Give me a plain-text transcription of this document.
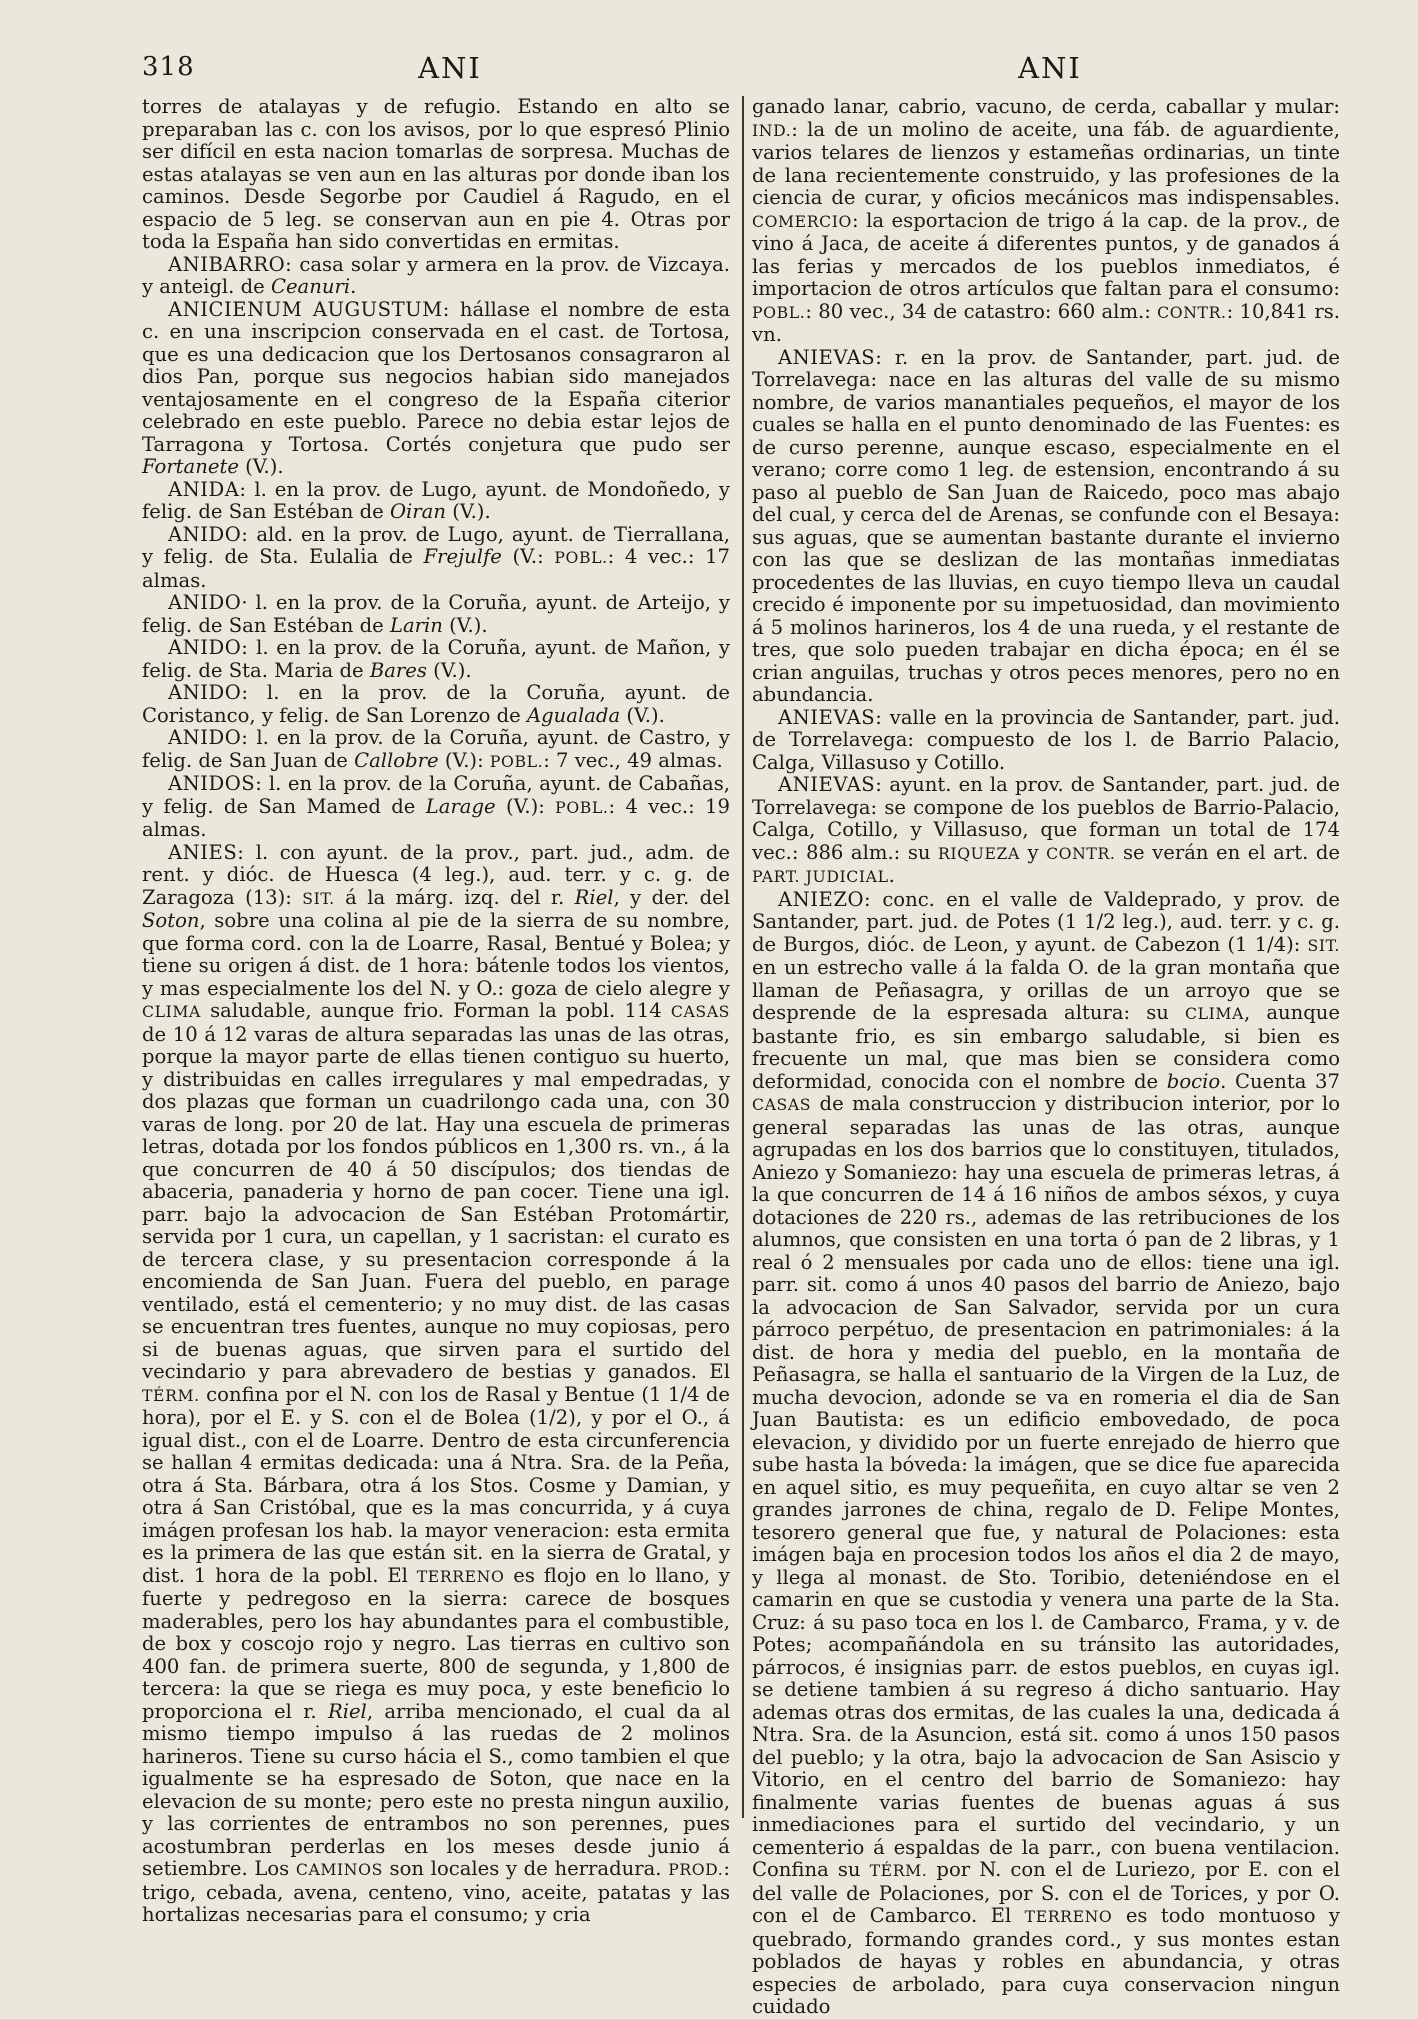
318	ANI	ANI

torres de atalayas y de refugio. Estando en alto se preparaban las c. con los avisos, por lo que espresó Plinio ser difícil en esta nacion tomarlas de sorpresa. Muchas de estas atalayas se ven aun en las alturas por donde iban los caminos. Desde Segorbe por Caudiel á Ragudo, en el espacio de 5 leg. se conservan aun en pie 4. Otras por toda la España han sido convertidas en ermitas.

ANIBARRO: casa solar y armera en la prov. de Vizcaya. y anteigl. de Ceanuri.

ANICIENUM AUGUSTUM: hállase el nombre de esta c. en una inscripcion conservada en el cast. de Tortosa, que es una dedicacion que los Dertosanos consagraron al dios Pan, porque sus negocios habian sido manejados ventajosamente en el congreso de la España citerior celebrado en este pueblo. Parece no debia estar lejos de Tarragona y Tortosa. Cortés conjetura que pudo ser Fortanete (V.).

ANIDA: l. en la prov. de Lugo, ayunt. de Mondoñedo, y felig. de San Estéban de Oiran (V.).

ANIDO: ald. en la prov. de Lugo, ayunt. de Tierrallana, y felig. de Sta. Eulalia de Frejulfe (V.: POBL.: 4 vec.: 17 almas.

ANIDO· l. en la prov. de la Coruña, ayunt. de Arteijo, y felig. de San Estéban de Larin (V.).

ANIDO: l. en la prov. de la Coruña, ayunt. de Mañon, y felig. de Sta. Maria de Bares (V.).

ANIDO: l. en la prov. de la Coruña, ayunt. de Coristanco, y felig. de San Lorenzo de Agualada (V.).

ANIDO: l. en la prov. de la Coruña, ayunt. de Castro, y felig. de San Juan de Callobre (V.): POBL.: 7 vec., 49 almas.

ANIDOS: l. en la prov. de la Coruña, ayunt. de Cabañas, y felig. de San Mamed de Larage (V.): POBL.: 4 vec.: 19 almas.

ANIES: l. con ayunt. de la prov., part. jud., adm. de rent. y dióc. de Huesca (4 leg.), aud. terr. y c. g. de Zaragoza (13): SIT. á la márg. izq. del r. Riel, y der. del Soton, sobre una colina al pie de la sierra de su nombre, que forma cord. con la de Loarre, Rasal, Bentué y Bolea; y tiene su origen á dist. de 1 hora: bátenle todos los vientos, y mas especialmente los del N. y O.: goza de cielo alegre y CLIMA saludable, aunque frio. Forman la pobl. 114 CASAS de 10 á 12 varas de altura separadas las unas de las otras, porque la mayor parte de ellas tienen contiguo su huerto, y distribuidas en calles irregulares y mal empedradas, y dos plazas que forman un cuadrilongo cada una, con 30 varas de long. por 20 de lat. Hay una escuela de primeras letras, dotada por los fondos públicos en 1,300 rs. vn., á la que concurren de 40 á 50 discípulos; dos tiendas de abaceria, panaderia y horno de pan cocer. Tiene una igl. parr. bajo la advocacion de San Estéban Protomártir, servida por 1 cura, un capellan, y 1 sacristan: el curato es de tercera clase, y su presentacion corresponde á la encomienda de San Juan. Fuera del pueblo, en parage ventilado, está el cementerio; y no muy dist. de las casas se encuentran tres fuentes, aunque no muy copiosas, pero si de buenas aguas, que sirven para el surtido del vecindario y para abrevadero de bestias y ganados. El TÉRM. confina por el N. con los de Rasal y Bentue (1 1/4 de hora), por el E. y S. con el de Bolea (1/2), y por el O., á igual dist., con el de Loarre. Dentro de esta circunferencia se hallan 4 ermitas dedicada: una á Ntra. Sra. de la Peña, otra á Sta. Bárbara, otra á los Stos. Cosme y Damian, y otra á San Cristóbal, que es la mas concurrida, y á cuya imágen profesan los hab. la mayor veneracion: esta ermita es la primera de las que están sit. en la sierra de Gratal, y dist. 1 hora de la pobl. El TERRENO es flojo en lo llano, y fuerte y pedregoso en la sierra: carece de bosques maderables, pero los hay abundantes para el combustible, de box y coscojo rojo y negro. Las tierras en cultivo son 400 fan. de primera suerte, 800 de segunda, y 1,800 de tercera: la que se riega es muy poca, y este beneficio lo proporciona el r. Riel, arriba mencionado, el cual da al mismo tiempo impulso á las ruedas de 2 molinos harineros. Tiene su curso hácia el S., como tambien el que igualmente se ha espresado de Soton, que nace en la elevacion de su monte; pero este no presta ningun auxilio, y las corrientes de entrambos no son perennes, pues acostumbran perderlas en los meses desde junio á setiembre. Los CAMINOS son locales y de herradura. PROD.: trigo, cebada, avena, centeno, vino, aceite, patatas y las hortalizas necesarias para el consumo; y cria

ganado lanar, cabrio, vacuno, de cerda, caballar y mular: IND.: la de un molino de aceite, una fáb. de aguardiente, varios telares de lienzos y estameñas ordinarias, un tinte de lana recientemente construido, y las profesiones de la ciencia de curar, y oficios mecánicos mas indispensables. COMERCIO: la esportacion de trigo á la cap. de la prov., de vino á Jaca, de aceite á diferentes puntos, y de ganados á las ferias y mercados de los pueblos inmediatos, é importacion de otros artículos que faltan para el consumo: POBL.: 80 vec., 34 de catastro: 660 alm.: CONTR.: 10,841 rs. vn.

ANIEVAS: r. en la prov. de Santander, part. jud. de Torrelavega: nace en las alturas del valle de su mismo nombre, de varios manantiales pequeños, el mayor de los cuales se halla en el punto denominado de las Fuentes: es de curso perenne, aunque escaso, especialmente en el verano; corre como 1 leg. de estension, encontrando á su paso al pueblo de San Juan de Raicedo, poco mas abajo del cual, y cerca del de Arenas, se confunde con el Besaya: sus aguas, que se aumentan bastante durante el invierno con las que se deslizan de las montañas inmediatas procedentes de las lluvias, en cuyo tiempo lleva un caudal crecido é imponente por su impetuosidad, dan movimiento á 5 molinos harineros, los 4 de una rueda, y el restante de tres, que solo pueden trabajar en dicha época; en él se crian anguilas, truchas y otros peces menores, pero no en abundancia.

ANIEVAS: valle en la provincia de Santander, part. jud. de Torrelavega: compuesto de los l. de Barrio Palacio, Calga, Villasuso y Cotillo.

ANIEVAS: ayunt. en la prov. de Santander, part. jud. de Torrelavega: se compone de los pueblos de Barrio-Palacio, Calga, Cotillo, y Villasuso, que forman un total de 174 vec.: 886 alm.: su RIQUEZA y CONTR. se verán en el art. de PART. JUDICIAL.

ANIEZO: conc. en el valle de Valdeprado, y prov. de Santander, part. jud. de Potes (1 1/2 leg.), aud. terr. y c. g. de Burgos, dióc. de Leon, y ayunt. de Cabezon (1 1/4): SIT. en un estrecho valle á la falda O. de la gran montaña que llaman de Peñasagra, y orillas de un arroyo que se desprende de la espresada altura: su CLIMA, aunque bastante frio, es sin embargo saludable, si bien es frecuente un mal, que mas bien se considera como deformidad, conocida con el nombre de bocio. Cuenta 37 CASAS de mala construccion y distribucion interior, por lo general separadas las unas de las otras, aunque agrupadas en los dos barrios que lo constituyen, titulados, Aniezo y Somaniezo: hay una escuela de primeras letras, á la que concurren de 14 á 16 niños de ambos séxos, y cuya dotaciones de 220 rs., ademas de las retribuciones de los alumnos, que consisten en una torta ó pan de 2 libras, y 1 real ó 2 mensuales por cada uno de ellos: tiene una igl. parr. sit. como á unos 40 pasos del barrio de Aniezo, bajo la advocacion de San Salvador, servida por un cura párroco perpétuo, de presentacion en patrimoniales: á la dist. de hora y media del pueblo, en la montaña de Peñasagra, se halla el santuario de la Virgen de la Luz, de mucha devocion, adonde se va en romeria el dia de San Juan Bautista: es un edificio embovedado, de poca elevacion, y dividido por un fuerte enrejado de hierro que sube hasta la bóveda: la imágen, que se dice fue aparecida en aquel sitio, es muy pequeñita, en cuyo altar se ven 2 grandes jarrones de china, regalo de D. Felipe Montes, tesorero general que fue, y natural de Polaciones: esta imágen baja en procesion todos los años el dia 2 de mayo, y llega al monast. de Sto. Toribio, deteniéndose en el camarin en que se custodia y venera una parte de la Sta. Cruz: á su paso toca en los l. de Cambarco, Frama, y v. de Potes; acompañándola en su tránsito las autoridades, párrocos, é insignias parr. de estos pueblos, en cuyas igl. se detiene tambien á su regreso á dicho santuario. Hay ademas otras dos ermitas, de las cuales la una, dedicada á Ntra. Sra. de la Asuncion, está sit. como á unos 150 pasos del pueblo; y la otra, bajo la advocacion de San Asiscio y Vitorio, en el centro del barrio de Somaniezo: hay finalmente varias fuentes de buenas aguas á sus inmediaciones para el surtido del vecindario, y un cementerio á espaldas de la parr., con buena ventilacion. Confina su TÉRM. por N. con el de Luriezo, por E. con el del valle de Polaciones, por S. con el de Torices, y por O. con el de Cambarco. El TERRENO es todo montuoso y quebrado, formando grandes cord., y sus montes estan poblados de hayas y robles en abundancia, y otras especies de arbolado, para cuya conservacion ningun cuidado
